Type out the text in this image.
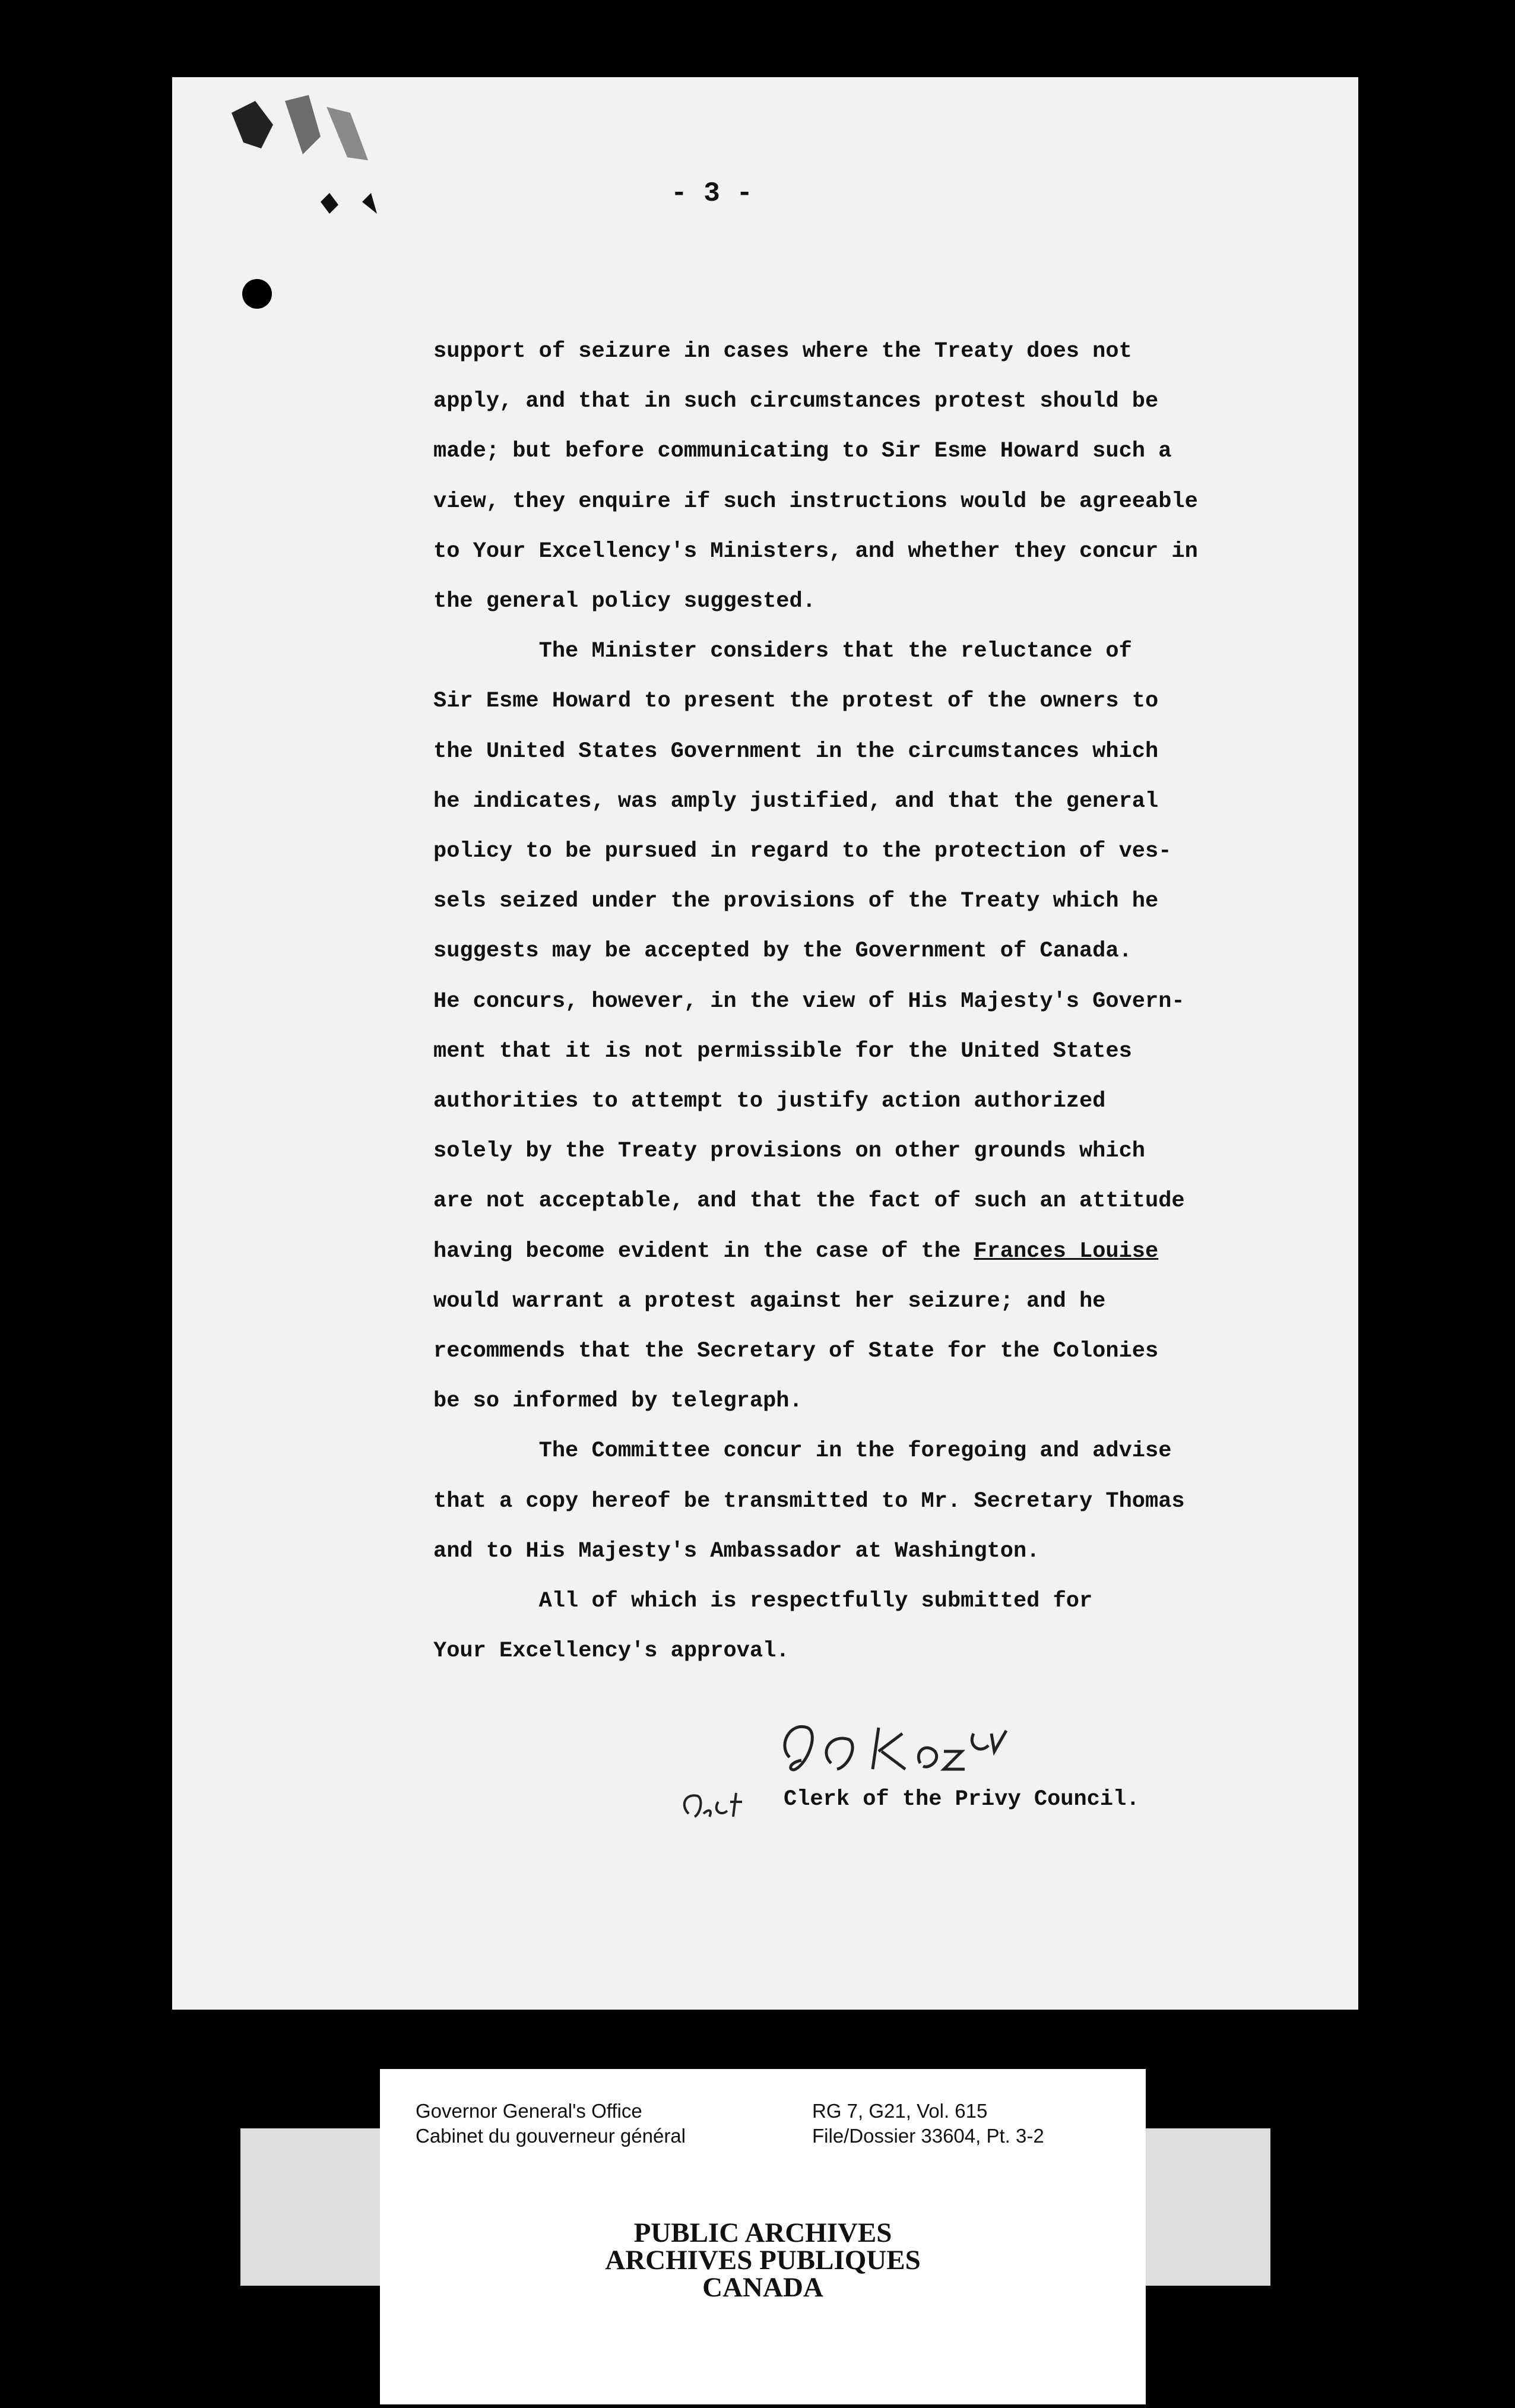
- 3 -
support of seizure in cases where the Treaty does not
apply, and that in such circumstances protest should be
made; but before communicating to Sir Esme Howard such a
view, they enquire if such instructions would be agreeable
to Your Excellency's Ministers, and whether they concur in
the general policy suggested.
The Minister considers that the reluctance of
Sir Esme Howard to present the protest of the owners to
the United States Government in the circumstances which
he indicates, was amply justified, and that the general
policy to be pursued in regard to the protection of ves-
sels seized under the provisions of the Treaty which he
suggests may be accepted by the Government of Canada.
He concurs, however, in the view of His Majesty's Govern-
ment that it is not permissible for the United States
authorities to attempt to justify action authorized
solely by the Treaty provisions on other grounds which
are not acceptable, and that the fact of such an attitude
having become evident in the case of the Frances Louise
would warrant a protest against her seizure; and he
recommends that the Secretary of State for the Colonies
be so informed by telegraph.
The Committee concur in the foregoing and advise
that a copy hereof be transmitted to Mr. Secretary Thomas
and to His Majesty's Ambassador at Washington.
All of which is respectfully submitted for
Your Excellency's approval.
Clerk of the Privy Council.
Governor General's Office
Cabinet du gouverneur général
RG 7, G21, Vol. 615
File/Dossier 33604, Pt. 3-2
PUBLIC ARCHIVES
ARCHIVES PUBLIQUES
CANADA
